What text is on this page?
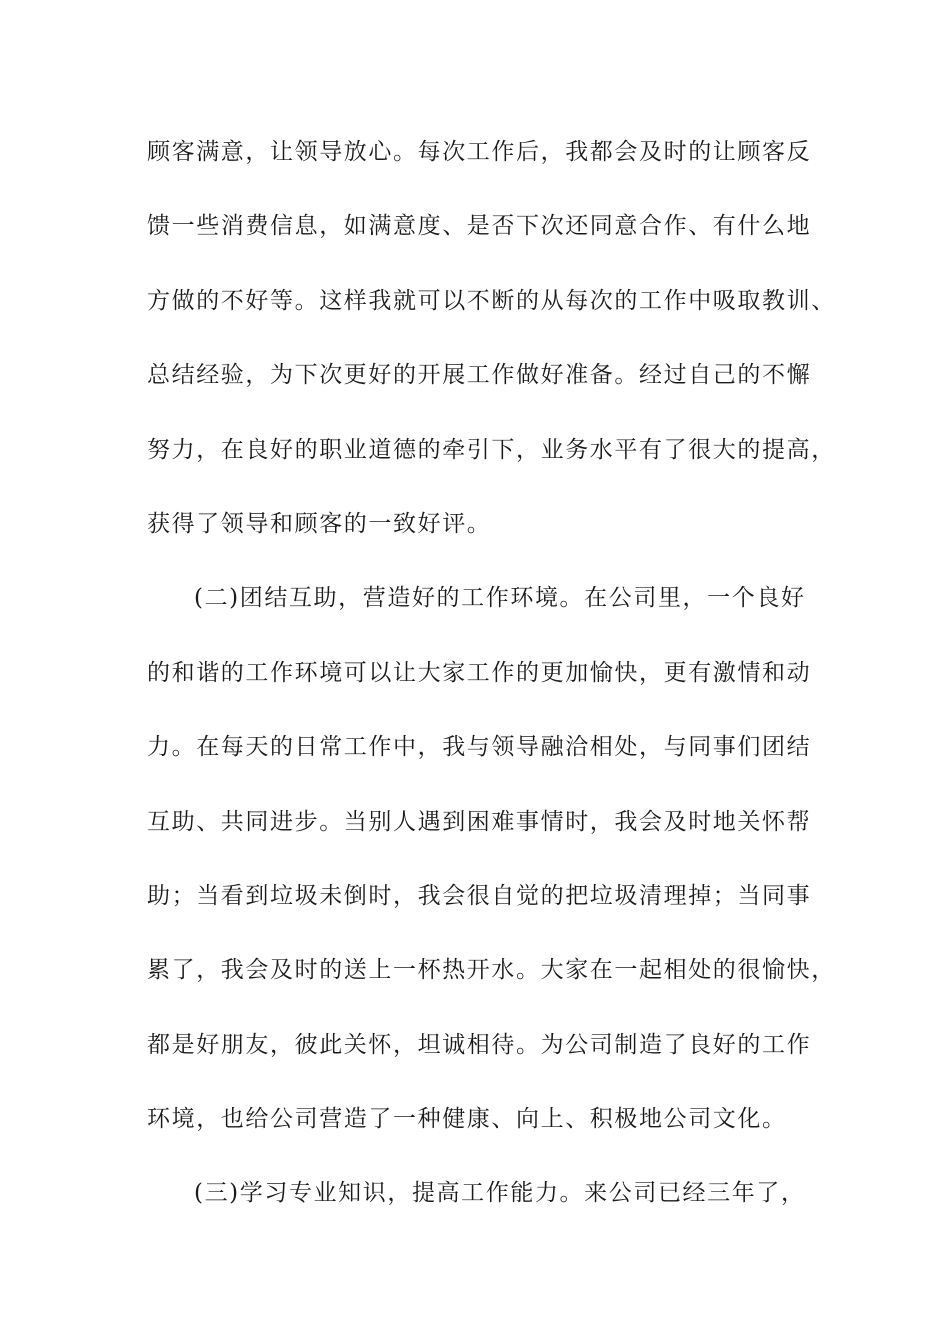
顾客满意，让领导放心。每次工作后，我都会及时的让顾客反
馈一些消费信息，如满意度、是否下次还同意合作、有什么地
方做的不好等。这样我就可以不断的从每次的工作中吸取教训、
总结经验，为下次更好的开展工作做好准备。经过自己的不懈
努力，在良好的职业道德的牵引下，业务水平有了很大的提高，
获得了领导和顾客的一致好评。
(二)团结互助，营造好的工作环境。在公司里，一个良好
的和谐的工作环境可以让大家工作的更加愉快，更有激情和动
力。在每天的日常工作中，我与领导融洽相处，与同事们团结
互助、共同进步。当别人遇到困难事情时，我会及时地关怀帮
助；当看到垃圾未倒时，我会很自觉的把垃圾清理掉；当同事
累了，我会及时的送上一杯热开水。大家在一起相处的很愉快，
都是好朋友，彼此关怀，坦诚相待。为公司制造了良好的工作
环境，也给公司营造了一种健康、向上、积极地公司文化。
(三)学习专业知识，提高工作能力。来公司已经三年了，
